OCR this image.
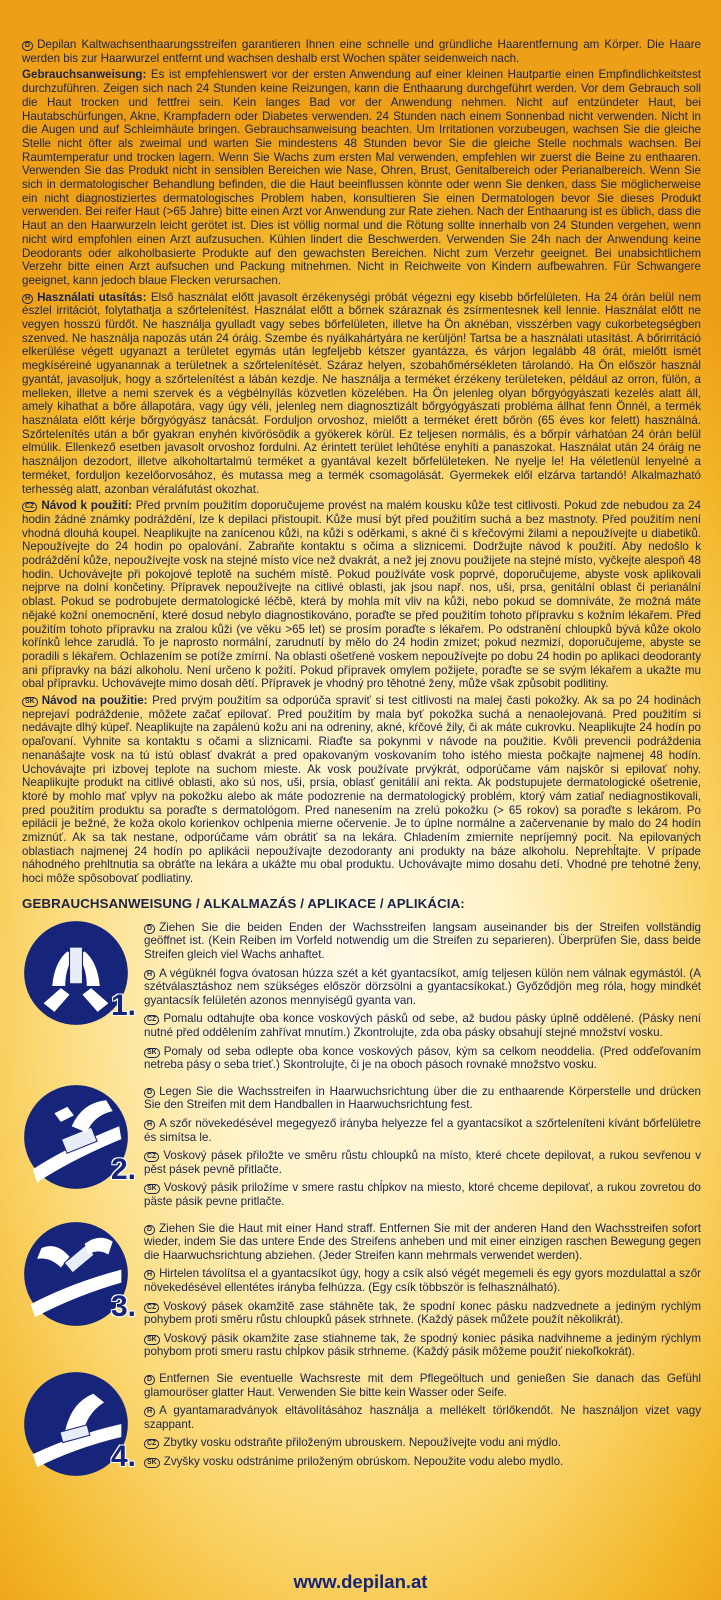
D Depilan Kaltwachsenthaarungsstreifen garantieren Ihnen eine schnelle und gründliche Haarentfernung am Körper. Die Haare werden bis zur Haarwurzel entfernt und wachsen deshalb erst Wochen später seidenweich nach.

Gebrauchsanweisung: Es ist empfehlenswert vor der ersten Anwendung auf einer kleinen Hautpartie einen Empfindlichkeitstest durchzuführen. Zeigen sich nach 24 Stunden keine Reizungen, kann die Enthaarung durchgeführt werden. Vor dem Gebrauch soll die Haut trocken und fettfrei sein. Kein langes Bad vor der Anwendung nehmen. Nicht auf entzündeter Haut, bei Hautabschürfungen, Akne, Krampfadern oder Diabetes verwenden. 24 Stunden nach einem Sonnenbad nicht verwenden. Nicht in die Augen und auf Schleimhäute bringen. Gebrauchsanweisung beachten. Um Irritationen vorzubeugen, wachsen Sie die gleiche Stelle nicht öfter als zweimal und warten Sie mindestens 48 Stunden bevor Sie die gleiche Stelle nochmals wachsen. Bei Raumtemperatur und trocken lagern. Wenn Sie Wachs zum ersten Mal verwenden, empfehlen wir zuerst die Beine zu enthaaren. Verwenden Sie das Produkt nicht in sensiblen Bereichen wie Nase, Ohren, Brust, Genitalbereich oder Perianalbereich. Wenn Sie sich in dermatologischer Behandlung befinden, die die Haut beeinflussen könnte oder wenn Sie denken, dass Sie möglicherweise ein nicht diagnostiziertes dermatologisches Problem haben, konsultieren Sie einen Dermatologen bevor Sie dieses Produkt verwenden. Bei reifer Haut (>65 Jahre) bitte einen Arzt vor Anwendung zur Rate ziehen. Nach der Enthaarung ist es üblich, dass die Haut an den Haarwurzeln leicht gerötet ist. Dies ist völlig normal und die Rötung sollte innerhalb von 24 Stunden vergehen, wenn nicht wird empfohlen einen Arzt aufzusuchen. Kühlen lindert die Beschwerden. Verwenden Sie 24h nach der Anwendung keine Deodorants oder alkoholbasierte Produkte auf den gewachsten Bereichen. Nicht zum Verzehr geeignet. Bei unabsichtlichem Verzehr bitte einen Arzt aufsuchen und Packung mitnehmen. Nicht in Reichweite von Kindern aufbewahren. Für Schwangere geeignet, kann jedoch blaue Flecken verursachen.

H Használati utasítás: Első használat előtt javasolt érzékenységi próbát végezni egy kisebb bőrfelületen. Ha 24 órán belül nem észlel irritációt, folytathatja a szőrtelenítést. Használat előtt a bőrnek száraznak és zsírmentesnek kell lennie. Használat előtt ne vegyen hosszú fürdőt. Ne használja gyulladt vagy sebes bőrfelületen, illetve ha Ön aknéban, visszérben vagy cukorbetegségben szenved. Ne használja napozás után 24 óráig. Szembe és nyálkahártyára ne kerüljön! Tartsa be a használati utasítást. A bőrirritáció elkerülése végett ugyanazt a területet egymás után legfeljebb kétszer gyantázza, és várjon legalább 48 órát, mielőtt ismét megkíséreiné ugyanannak a területnek a szőrtelenítését. Száraz helyen, szobahőmérsékleten tárolandó. Ha Ön először használ gyantát, javasoljuk, hogy a szőrtelenítést a lábán kezdje. Ne használja a terméket érzékeny területeken, például az orron, fülön, a melleken, illetve a nemi szervek és a végbélnyílás közvetlen közelében. Ha Ön jelenleg olyan bőrgyógyászati kezelés alatt áll, amely kihathat a bőre állapotára, vagy úgy véli, jelenleg nem diagnosztizált bőrgyógyászati probléma állhat fenn Önnél, a termék használata előtt kérje bőrgyógyász tanácsát. Forduljon orvoshoz, mielőtt a terméket érett bőrön (65 éves kor felett) használná. Szőrtelenítés után a bőr gyakran enyhén kivörösödik a gyökerek körül. Ez teljesen normális, és a bőrpír várhatóan 24 órán belül elmúlik. Ellenkező esetben javasolt orvoshoz fordulni. Az érintett terület lehűtése enyhíti a panaszokat. Használat után 24 óráig ne használjon dezodort, illetve alkoholtartalmú terméket a gyantával kezelt bőrfelületeken. Ne nyelje le! Ha véletlenül lenyelné a terméket, forduljon kezelőorvosához, és mutassa meg a termék csomagolását. Gyermekek elől elzárva tartandó! Alkalmazható terhesség alatt, azonban véraláfutást okozhat.

CZ Návod k použití: Před prvním použitím doporučujeme provést na malém kousku kůže test citlivosti. Pokud zde nebudou za 24 hodin žádné známky podráždění, lze k depilaci přistoupit. Kůže musí být před použitím suchá a bez mastnoty. Před použitím není vhodná dlouhá koupel. Neaplikujte na zanícenou kůži, na kůži s oděrkami, s akné či s křečovými žilami a nepoužívejte u diabetiků. Nepoužívejte do 24 hodin po opalování. Zabraňte kontaktu s očima a sliznicemi. Dodržujte návod k použití. Aby nedošlo k podráždění kůže, nepoužívejte vosk na stejné místo více než dvakrát, a než jej znovu použijete na stejné místo, vyčkejte alespoň 48 hodin. Uchovávejte při pokojové teplotě na suchém místě. Pokud používáte vosk poprvé, doporučujeme, abyste vosk aplikovali nejprve na dolní končetiny. Přípravek nepoužívejte na citlivé oblasti, jak jsou např. nos, uši, prsa, genitální oblast či perianální oblast. Pokud se podrobujete dermatologické léčbě, která by mohla mít vliv na kůži, nebo pokud se domníváte, že možná máte nějaké kožní onemocnění, které dosud nebylo diagnostikováno, poraďte se před použitím tohoto přípravku s kožním lékařem. Před použitím tohoto přípravku na zralou kůži (ve věku >65 let) se prosím poraďte s lékařem. Po odstranění chloupků bývá kůže okolo kořínků lehce zarudlá. To je naprosto normální, zarudnutí by mělo do 24 hodin zmizet; pokud nezmizí, doporučujeme, abyste se poradili s lékařem. Ochlazením se potíže zmírní. Na oblasti ošetřené voskem nepoužívejte po dobu 24 hodin po aplikaci deodoranty ani přípravky na bázi alkoholu. Není určeno k požití. Pokud přípravek omylem požijete, poraďte se se svým lékařem a ukažte mu obal přípravku. Uchovávejte mimo dosah dětí. Přípravek je vhodný pro těhotné ženy, může však způsobit podlitiny.

SK Návod na použitie: Pred prvým použitím sa odporúča spraviť si test citlivosti na malej časti pokožky. Ak sa po 24 hodinách neprejaví podráždenie, môžete začať epilovať. Pred použitím by mala byť pokožka suchá a nenaolejovaná. Pred použitím si nedávajte dlhý kúpeľ. Neaplikujte na zapálenú kožu ani na odreniny, akné, kŕčové žily, či ak máte cukrovku. Neaplikujte 24 hodín po opaľovaní. Vyhnite sa kontaktu s očami a sliznicami. Riaďte sa pokynmi v návode na použitie. Kvôli prevencii podráždenia nenanášajte vosk na tú istú oblasť dvakrát a pred opakovaným voskovaním toho istého miesta počkajte najmenej 48 hodín. Uchovávajte pri izbovej teplote na suchom mieste. Ak vosk používate prvýkrát, odporúčame vám najskôr si epilovať nohy. Neaplikujte produkt na citlivé oblasti, ako sú nos, uši, prsia, oblasť genitálií ani rekta. Ak podstupujete dermatologické ošetrenie, ktoré by mohlo mať vplyv na pokožku alebo ak máte podozrenie na dermatologický problém, ktorý vám zatiaľ nediagnostikovali, pred použitím produktu sa poraďte s dermatológom. Pred nanesením na zrelú pokožku (> 65 rokov) sa poraďte s lekárom. Po epilácii je bežné, že koža okolo korienkov ochlpenia mierne očervenie. Je to úplne normálne a začervenanie by malo do 24 hodín zmiznúť. Ak sa tak nestane, odporúčame vám obrátiť sa na lekára. Chladením zmiernite nepríjemný pocit. Na epilovaných oblastiach najmenej 24 hodín po aplikácii nepoužívajte dezodoranty ani produkty na báze alkoholu. Neprehĺtajte. V prípade náhodného prehltnutia sa obráťte na lekára a ukážte mu obal produktu. Uchovávajte mimo dosahu detí. Vhodné pre tehotné ženy, hoci môže spôsobovať podliatiny.

GEBRAUCHSANWEISUNG / ALKALMAZÁS / APLIKACE / APLIKÁCIA:
1.

D Ziehen Sie die beiden Enden der Wachsstreifen langsam auseinander bis der Streifen vollständig geöffnet ist. (Kein Reiben im Vorfeld notwendig um die Streifen zu separieren). Überprüfen Sie, dass beide Streifen gleich viel Wachs anhaftet.

H A végüknél fogva óvatosan húzza szét a két gyantacsíkot, amíg teljesen külön nem válnak egymástól. (A szétválasztáshoz nem szükséges először dörzsölni a gyantacsíkokat.) Győződjön meg róla, hogy mindkét gyantacsík felületén azonos mennyiségű gyanta van.

CZ Pomalu odtahujte oba konce voskových pásků od sebe, až budou pásky úplně oddělené. (Pásky není nutné před oddělením zahřívat mnutím.) Zkontrolujte, zda oba pásky obsahují stejné množství vosku.

SK Pomaly od seba odlepte oba konce voskových pásov, kým sa celkom neoddelia. (Pred odďeľovaním netreba pásy o seba trieť.) Skontrolujte, či je na oboch pásoch rovnaké množstvo vosku.

2.

D Legen Sie die Wachsstreifen in Haarwuchsrichtung über die zu enthaarende Körperstelle und drücken Sie den Streifen mit dem Handballen in Haarwuchsrichtung fest.

H A szőr növekedésével megegyező irányba helyezze fel a gyantacsíkot a szőrteleníteni kívánt bőrfelületre és simítsa le.

CZ Voskový pásek přiložte ve směru růstu chloupků na místo, které chcete depilovat, a rukou sevřenou v pěst pásek pevně přitlačte.

SK Voskový pásik priložíme v smere rastu chĺpkov na miesto, ktoré chceme depilovať, a rukou zovretou do päste pásik pevne pritlačte.

3.

D Ziehen Sie die Haut mit einer Hand straff. Entfernen Sie mit der anderen Hand den Wachsstreifen sofort wieder, indem Sie das untere Ende des Streifens anheben und mit einer einzigen raschen Bewegung gegen die Haarwuchsrichtung abziehen. (Jeder Streifen kann mehrmals verwendet werden).

H Hirtelen távolítsa el a gyantacsíkot úgy, hogy a csík alsó végét megemeli és egy gyors mozdulattal a szőr növekedésével ellentétes irányba felhúzza. (Egy csík többször is felhasználható).

CZ Voskový pásek okamžitě zase stáhněte tak, že spodní konec pásku nadzvednete a jediným rychlým pohybem proti směru růstu chloupků pásek strhnete. (Každý pásek můžete použít několikrát).

SK Voskový pásik okamžite zase stiahneme tak, že spodný koniec pásika nadvihneme a jediným rýchlym pohybom proti smeru rastu chĺpkov pásik strhneme. (Každý pásik môžeme použiť niekoľkokrát).

4.

D Entfernen Sie eventuelle Wachsreste mit dem Pflegeöltuch und genießen Sie danach das Gefühl glamouröser glatter Haut. Verwenden Sie bitte kein Wasser oder Seife.

H A gyantamaradványok eltávolításához használja a mellékelt törlőkendőt. Ne használjon vizet vagy szappant.

CZ Zbytky vosku odstraňte přiloženým ubrouskem. Nepoužívejte vodu ani mýdlo.

SK Zvyšky vosku odstránime priloženým obrúskom. Nepoužite vodu alebo mydlo.

www.depilan.at
